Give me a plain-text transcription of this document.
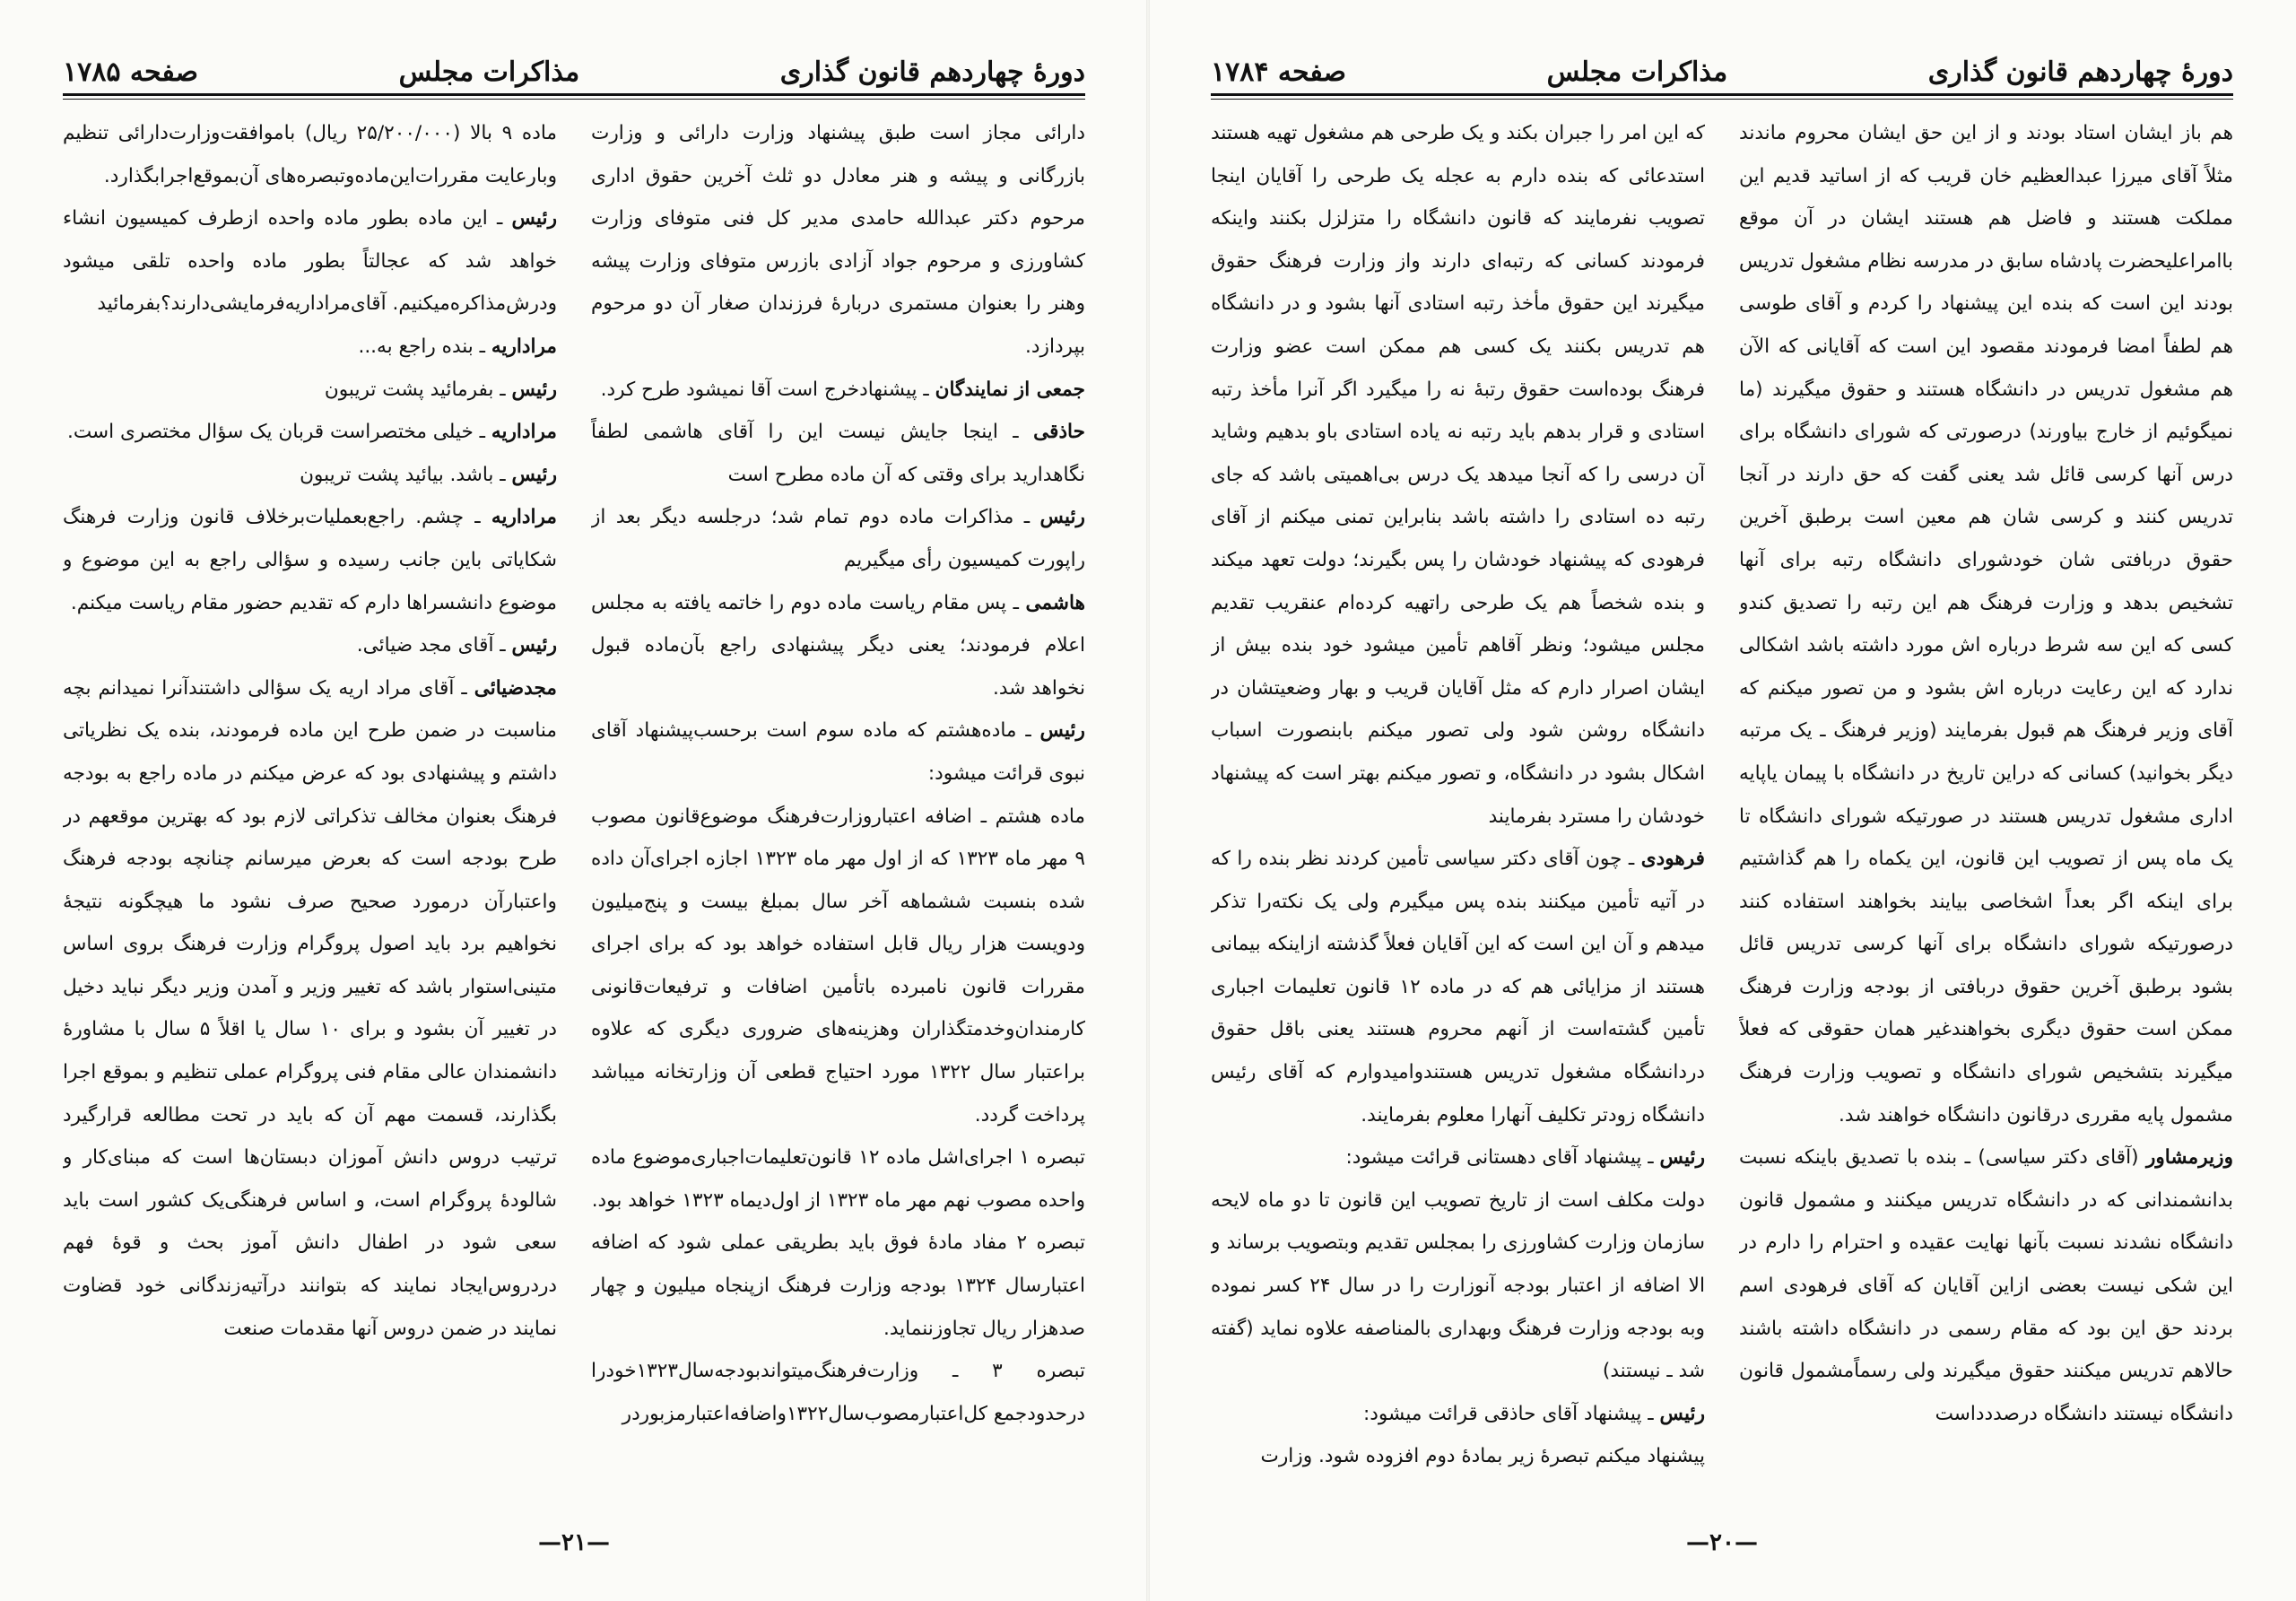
دورهٔ چهاردهم قانون گذاری
مذاکرات مجلس
صفحه ۱۷۸۵

دارائی مجاز است طبق پیشنهاد وزارت دارائی و وزارت بازرگانی و پیشه و هنر معادل دو ثلث آخرین حقوق اداری مرحوم دکتر عبدالله حامدی مدیر کل فنی متوفای وزارت کشاورزی و مرحوم جواد آزادی بازرس متوفای وزارت پیشه وهنر را بعنوان مستمری دربارهٔ فرزندان صغار آن دو مرحوم بپردازد.

جمعی از نمایندگان ـ پیشنهادخرج است آقا نمیشود طرح کرد.

حاذقی ـ اینجا جایش نیست این را آقای هاشمی لطفاً نگاهدارید برای وقتی که آن ماده مطرح است

رئیس ـ مذاکرات ماده دوم تمام شد؛ درجلسه دیگر بعد از راپورت کمیسیون رأی میگیریم

هاشمی ـ پس مقام ریاست ماده دوم را خاتمه یافته به مجلس اعلام فرمودند؛ یعنی دیگر پیشنهادی راجع بآن‌ماده قبول نخواهد شد.

رئیس ـ ماده‌هشتم که ماده سوم است برحسب‌پیشنهاد آقای نبوی قرائت میشود:

ماده هشتم ـ اضافه اعتباروزارت‌فرهنگ موضوع‌قانون مصوب ۹ مهر ماه ۱۳۲۳ که از اول مهر ماه ۱۳۲۳ اجازه اجرای‌آن داده شده بنسبت ششماهه آخر سال بمبلغ بیست و پنج‌میلیون ودویست هزار ریال قابل استفاده خواهد بود که برای اجرای مقررات قانون نامبرده باتأمین اضافات و ترفیعات‌قانونی کارمندان‌وخدمتگذاران وهزینه‌های ضروری دیگری که علاوه براعتبار سال ۱۳۲۲ مورد احتیاج قطعی آن وزارتخانه میباشد پرداخت گردد.

تبصره ۱ اجرای‌اشل ماده ۱۲ قانون‌تعلیمات‌اجباری‌موضوع ماده واحده مصوب نهم مهر ماه ۱۳۲۳ از اول‌دیماه ۱۳۲۳ خواهد بود.

تبصره ۲ مفاد مادهٔ فوق باید بطریقی عملی شود که اضافه اعتبارسال ۱۳۲۴ بودجه وزارت فرهنگ ازپنجاه میلیون و چهار صدهزار ریال تجاوزننماید.

تبصره ۳ ـ وزارت‌فرهنگ‌میتواندبودجه‌سال۱۳۲۳خودرا درحدودجمع کل‌اعتبارمصوب‌سال۱۳۲۲واضافه‌اعتبارمزبوردر

ماده ۹ بالا (۲۵/۲۰۰/۰۰۰ ریال) باموافقت‌وزارت‌دارائی تنظیم وبارعایت مقررات‌این‌ماده‌وتبصره‌های آن‌بموقع‌اجرابگذارد.

رئیس ـ این ماده بطور ماده واحده ازطرف کمیسیون انشاء خواهد شد که عجالتاً بطور ماده واحده تلقی میشود ودرش‌مذاکره‌میکنیم. آقای‌مراداریه‌فرمایشی‌دارند؟بفرمائید

مراداریه ـ بنده راجع به...

رئیس ـ بفرمائید پشت تریبون

مراداریه ـ خیلی مختصراست قربان یک سؤال مختصری است.

رئیس ـ باشد. بیائید پشت تریبون

مراداریه ـ چشم. راجع‌بعملیات‌برخلاف قانون وزارت فرهنگ شکایاتی باین جانب رسیده و سؤالی راجع به این موضوع و موضوع دانشسراها دارم که تقدیم حضور مقام ریاست میکنم.

رئیس ـ آقای مجد ضیائی.

مجدضیائی ـ آقای مراد اریه یک سؤالی داشتند‌آنرا نمیدانم بچه مناسبت در ضمن طرح این ماده فرمودند، بنده یک نظریاتی داشتم و پیشنهادی بود که عرض میکنم در ماده راجع به بودجه فرهنگ بعنوان مخالف تذکراتی لازم بود که بهترین موقعهم در طرح بودجه است که بعرض میرسانم چنانچه بودجه فرهنگ واعتبارآن درمورد صحیح صرف نشود ما هیچگونه نتیجهٔ نخواهیم برد باید اصول پروگرام وزارت فرهنگ بروی اساس متینی‌استوار باشد که تغییر وزیر و آمدن وزیر دیگر نباید دخیل در تغییر آن بشود و برای ۱۰ سال یا اقلاً ۵ سال با مشاورهٔ دانشمندان عالی مقام فنی پروگرام عملی تنظیم و بموقع اجرا بگذارند، قسمت مهم آن که باید در تحت مطالعه قرارگیرد ترتیب دروس دانش آموزان دبستان‌ها است که مبنای‌کار و شالودهٔ پروگرام است، و اساس فرهنگی‌یک کشور است باید سعی شود در اطفال دانش آموز بحث و قوهٔ فهم دردروس‌ایجاد نمایند که بتوانند درآتیه‌زندگانی خود قضاوت نمایند در ضمن دروس آنها مقدمات صنعت

—۲۱—
دورهٔ چهاردهم قانون گذاری
مذاکرات مجلس
صفحه ۱۷۸۴

هم باز ایشان استاد بودند و از این حق ایشان محروم ماندند مثلاً آقای میرزا عبدالعظیم خان قریب که از اساتید قدیم این مملکت هستند و فاضل هم هستند ایشان در آن موقع باامراعلیحضرت پادشاه سابق در مدرسه نظام مشغول تدریس بودند این است که بنده این پیشنهاد را کردم و آقای طوسی هم لطفاً امضا فرمودند مقصود این است که آقایانی که الآن هم مشغول تدریس در دانشگاه هستند و حقوق میگیرند (ما نمیگوئیم از خارج بیاورند) درصورتی که شورای دانشگاه برای درس آنها کرسی قائل شد یعنی گفت که حق دارند در آنجا تدریس کنند و کرسی شان هم معین است برطبق آخرین حقوق دربافتی شان خودشورای دانشگاه رتبه برای آنها تشخیص بدهد و وزارت فرهنگ هم این رتبه را تصدیق کندو کسی که این سه شرط درباره اش مورد داشته باشد اشکالی ندارد که این رعایت درباره اش بشود و من تصور میکنم که آقای وزیر فرهنگ هم قبول بفرمایند (وزیر فرهنگ ـ یک مرتبه دیگر بخوانید) کسانی که دراین تاریخ در دانشگاه با پیمان یاپایه اداری مشغول تدریس هستند در صورتیکه شورای دانشگاه تا یک ماه پس از تصویب این قانون، این یکماه را هم گذاشتیم برای اینکه اگر بعداً اشخاصی بیایند بخواهند استفاده کنند درصورتیکه شورای دانشگاه برای آنها کرسی تدریس قائل بشود برطبق آخرین حقوق دربافتی از بودجه وزارت فرهنگ ممکن است حقوق دیگری بخواهندغیر همان حقوقی که فعلاً میگیرند بتشخیص شورای دانشگاه و تصویب وزارت فرهنگ مشمول پایه مقرری درقانون دانشگاه خواهند شد.

وزیرمشاور (آقای دکتر سیاسی) ـ بنده با تصدیق باینکه نسبت بدانشمندانی که در دانشگاه تدریس میکنند و مشمول قانون دانشگاه نشدند نسبت بآنها نهایت عقیده و احترام را دارم در این شکی نیست بعضی ازاین آقایان که آقای فرهودی اسم بردند حق این بود که مقام رسمی در دانشگاه داشته باشند حالاهم تدریس میکنند حقوق میگیرند ولی رسماًمشمول قانون دانشگاه نیستند دانشگاه درصددداست

که این امر را جبران بکند و یک طرحی هم مشغول تهیه هستند استدعائی که بنده دارم به عجله یک طرحی را آقایان اینجا تصویب نفرمایند که قانون دانشگاه را متزلزل بکنند واینکه فرمودند کسانی که رتبه‌ای دارند واز وزارت فرهنگ حقوق میگیرند این حقوق مأخذ رتبه استادی آنها بشود و در دانشگاه هم تدریس بکنند یک کسی هم ممکن است عضو وزارت فرهنگ بوده‌است حقوق رتبهٔ نه را میگیرد اگر آنرا مأخذ رتبه استادی و قرار بدهم باید رتبه نه یاده استادی باو بدهیم وشاید آن درسی را که آنجا میدهد یک درس بی‌اهمیتی باشد که جای رتبه ده استادی را داشته باشد بنابراین تمنی میکنم از آقای فرهودی که پیشنهاد خودشان را پس بگیرند؛ دولت تعهد میکند و بنده شخصاً هم یک طرحی راتهیه کرده‌ام عنقریب تقدیم مجلس میشود؛ ونظر آقاهم تأمین میشود خود بنده بیش از ایشان اصرار دارم که مثل آقایان قریب و بهار وضعیتشان در دانشگاه روشن شود ولی تصور میکنم بابنصورت اسباب اشکال بشود در دانشگاه، و تصور میکنم بهتر است که پیشنهاد خودشان را مسترد بفرمایند

فرهودی ـ چون آقای دکتر سیاسی تأمین کردند نظر بنده را که در آتیه تأمین میکنند بنده پس میگیرم ولی یک نکته‌را تذکر میدهم و آن این است که این آقایان فعلاً گذشته ازاینکه بیمانی هستند از مزایائی هم که در ماده ۱۲ قانون تعلیمات اجباری تأمین گشته‌است از آنهم محروم هستند یعنی باقل حقوق دردانشگاه مشغول تدریس هستندوامیدوارم که آقای رئیس دانشگاه زودتر تکلیف آنهارا معلوم بفرمایند.

رئیس ـ پیشنهاد آقای دهستانی قرائت میشود:

دولت مکلف است از تاریخ تصویب این قانون تا دو ماه لایحه سازمان وزارت کشاورزی را بمجلس تقدیم وبتصویب برساند و الا اضافه از اعتبار بودجه آنوزارت را در سال ۲۴ کسر نموده وبه بودجه وزارت فرهنگ وبهداری بالمناصفه علاوه نماید (گفته شد ـ نیستند)

رئیس ـ پیشنهاد آقای حاذقی قرائت میشود:

پیشنهاد میکنم تبصرهٔ زیر بمادهٔ دوم افزوده شود. وزارت

—۲۰—
